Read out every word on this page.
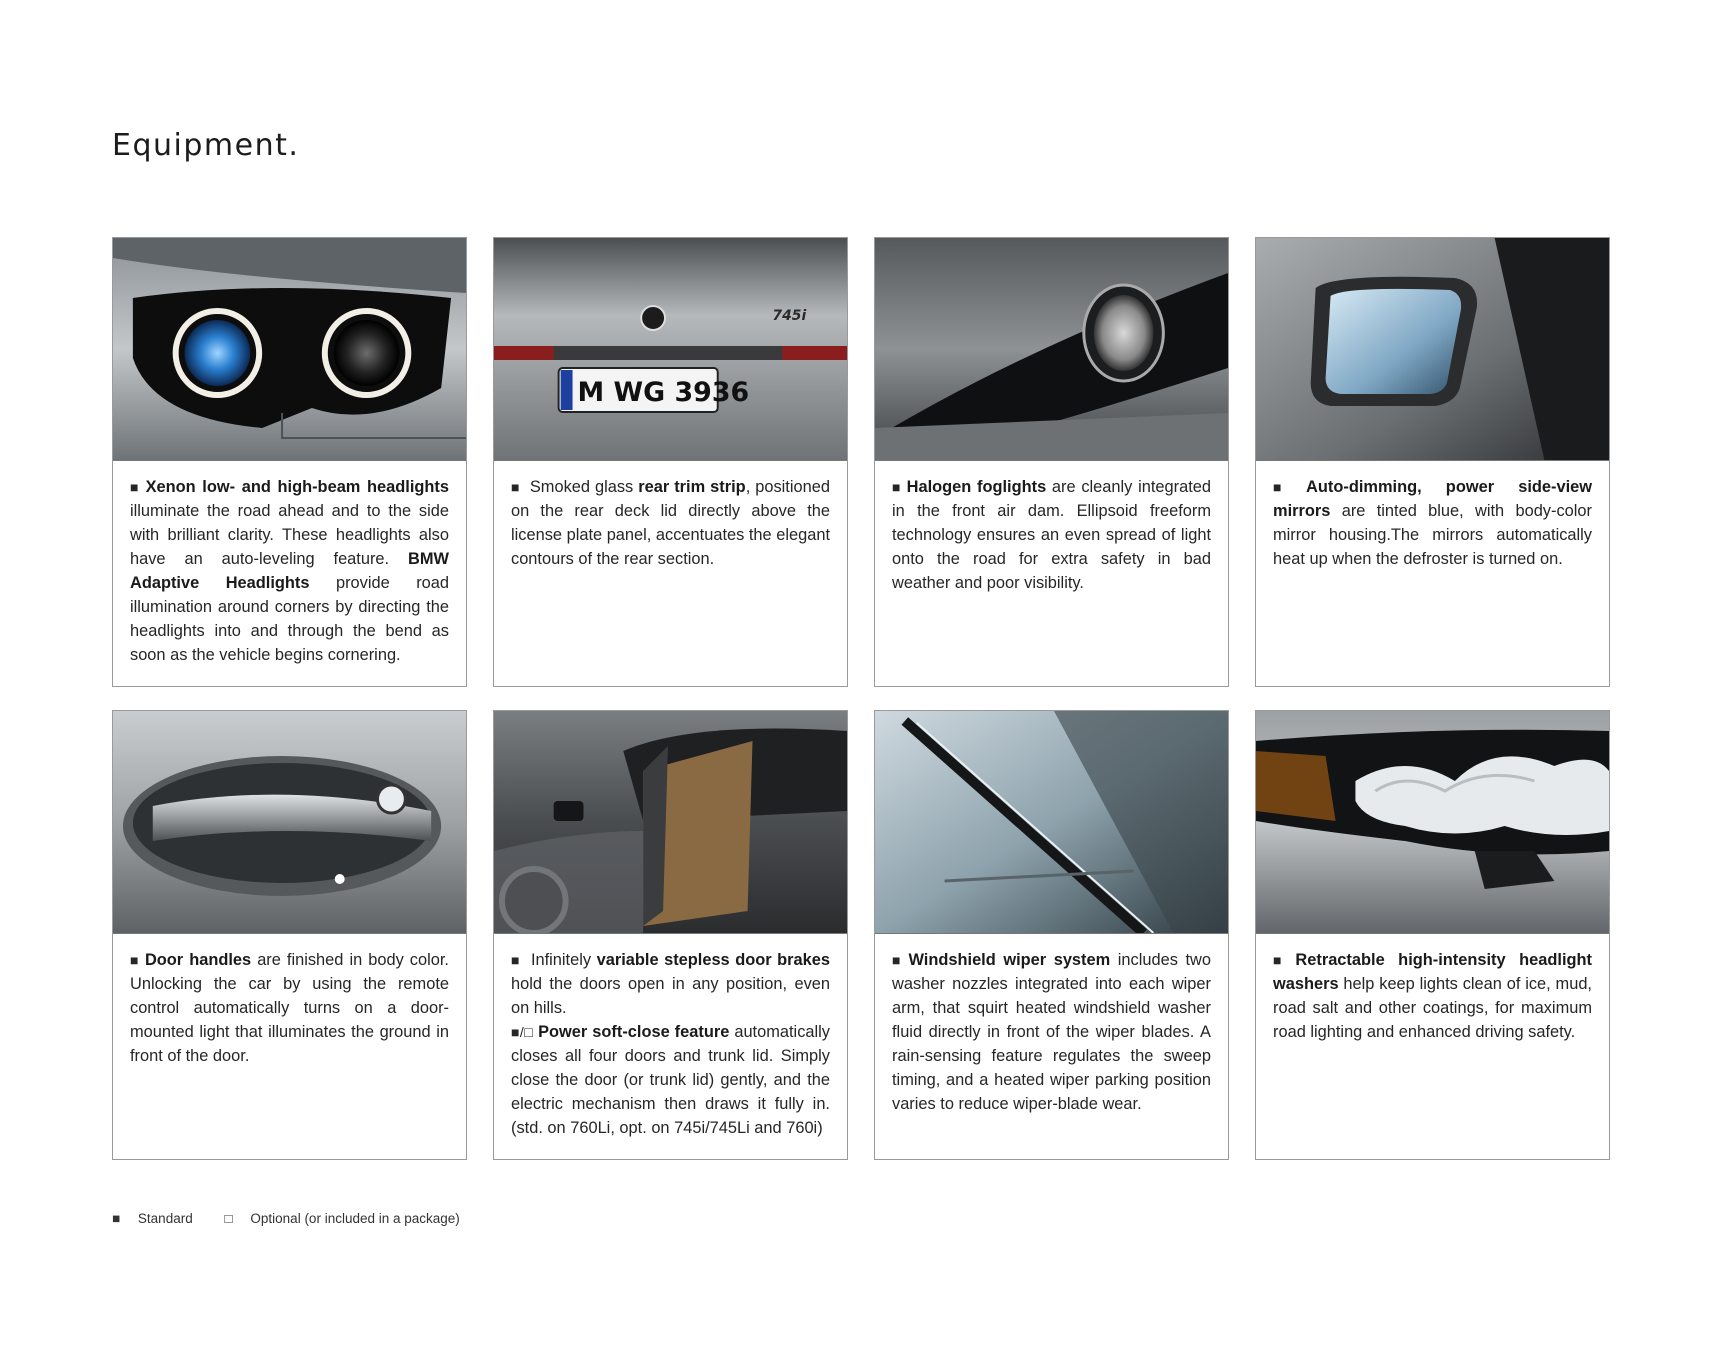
Equipment.

■ Xenon low- and high-beam headlights illuminate the road ahead and to the side with brilliant clarity. These headlights also have an auto-leveling feature. BMW Adaptive Headlights provide road illumination around corners by directing the headlights into and through the bend as soon as the vehicle begins cornering.

745i
M WG 3936

■ Smoked glass rear trim strip, positioned on the rear deck lid directly above the license plate panel, accentuates the elegant contours of the rear section.

■ Halogen foglights are cleanly integrated in the front air dam. Ellipsoid freeform technology ensures an even spread of light onto the road for extra safety in bad weather and poor visibility.

■ Auto-dimming, power side-view mirrors are tinted blue, with body-color mirror housing.The mirrors automatically heat up when the defroster is turned on.

■ Door handles are finished in body color. Unlocking the car by using the remote control automatically turns on a door-mounted light that illuminates the ground in front of the door.

■ Infinitely variable stepless door brakes hold the doors open in any position, even on hills.

■/□ Power soft-close feature automatically closes all four doors and trunk lid. Simply close the door (or trunk lid) gently, and the electric mechanism then draws it fully in. (std. on 760Li, opt. on 745i/745Li and 760i)

■ Windshield wiper system includes two washer nozzles integrated into each wiper arm, that squirt heated windshield washer fluid directly in front of the wiper blades. A rain-sensing feature regulates the sweep timing, and a heated wiper parking position varies to reduce wiper-blade wear.

■ Retractable high-intensity headlight washers help keep lights clean of ice, mud, road salt and other coatings, for maximum road lighting and enhanced driving safety.

■ Standard □ Optional (or included in a package)
